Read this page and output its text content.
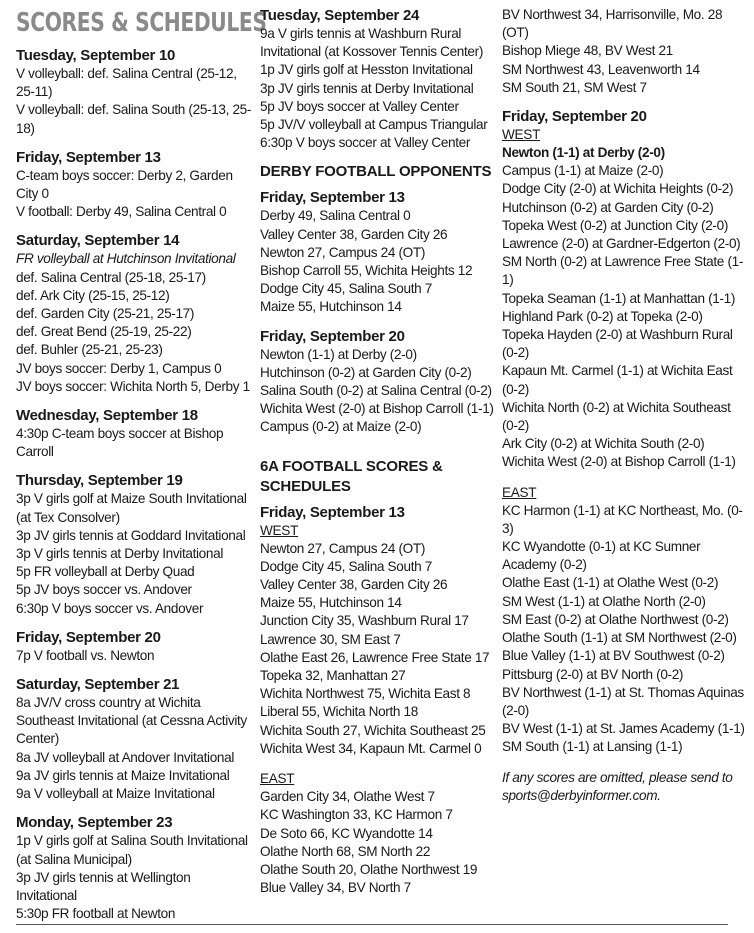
SCORES & SCHEDULES
Tuesday, September 10
V volleyball: def. Salina Central (25-12, 25-11)
V volleyball: def. Salina South (25-13, 25-18)
Friday, September 13
C-team boys soccer: Derby 2, Garden City 0
V football: Derby 49, Salina Central 0
Saturday, September 14
FR volleyball at Hutchinson Invitational
def. Salina Central (25-18, 25-17)
def. Ark City (25-15, 25-12)
def. Garden City (25-21, 25-17)
def. Great Bend (25-19, 25-22)
def. Buhler (25-21, 25-23)
JV boys soccer: Derby 1, Campus 0
JV boys soccer: Wichita North 5, Derby 1
Wednesday, September 18
4:30p C-team boys soccer at Bishop Carroll
Thursday, September 19
3p V girls golf at Maize South Invitational (at Tex Consolver)
3p JV girls tennis at Goddard Invitational
3p V girls tennis at Derby Invitational
5p FR volleyball at Derby Quad
5p JV boys soccer vs. Andover
6:30p V boys soccer vs. Andover
Friday, September 20
7p V football vs. Newton
Saturday, September 21
8a JV/V cross country at Wichita Southeast Invitational (at Cessna Activity Center)
8a JV volleyball at Andover Invitational
9a JV girls tennis at Maize Invitational
9a V volleyball at Maize Invitational
Monday, September 23
1p V girls golf at Salina South Invitational (at Salina Municipal)
3p JV girls tennis at Wellington Invitational
5:30p FR football at Newton
Tuesday, September 24
9a V girls tennis at Washburn Rural Invitational (at Kossover Tennis Center)
1p JV girls golf at Hesston Invitational
3p JV girls tennis at Derby Invitational
5p JV boys soccer at Valley Center
5p JV/V volleyball at Campus Triangular
6:30p V boys soccer at Valley Center
DERBY FOOTBALL OPPONENTS
Friday, September 13
Derby 49, Salina Central 0
Valley Center 38, Garden City 26
Newton 27, Campus 24 (OT)
Bishop Carroll 55, Wichita Heights 12
Dodge City 45, Salina South 7
Maize 55, Hutchinson 14
Friday, September 20
Newton (1-1) at Derby (2-0)
Hutchinson (0-2) at Garden City (0-2)
Salina South (0-2) at Salina Central (0-2)
Wichita West (2-0) at Bishop Carroll (1-1)
Campus (0-2) at Maize (2-0)
6A FOOTBALL SCORES & SCHEDULES
Friday, September 13
WEST
Newton 27, Campus 24 (OT)
Dodge City 45, Salina South 7
Valley Center 38, Garden City 26
Maize 55, Hutchinson 14
Junction City 35, Washburn Rural 17
Lawrence 30, SM East 7
Olathe East 26, Lawrence Free State 17
Topeka 32, Manhattan 27
Wichita Northwest 75, Wichita East 8
Liberal 55, Wichita North 18
Wichita South 27, Wichita Southeast 25
Wichita West 34, Kapaun Mt. Carmel 0
EAST
Garden City 34, Olathe West 7
KC Washington 33, KC Harmon 7
De Soto 66, KC Wyandotte 14
Olathe North 68, SM North 22
Olathe South 20, Olathe Northwest 19
Blue Valley 34, BV North 7
BV Northwest 34, Harrisonville, Mo. 28 (OT)
Bishop Miege 48, BV West 21
SM Northwest 43, Leavenworth 14
SM South 21, SM West 7
Friday, September 20
WEST
Newton (1-1) at Derby (2-0)
Campus (1-1) at Maize (2-0)
Dodge City (2-0) at Wichita Heights (0-2)
Hutchinson (0-2) at Garden City (0-2)
Topeka West (0-2) at Junction City (2-0)
Lawrence (2-0) at Gardner-Edgerton (2-0)
SM North (0-2) at Lawrence Free State (1-1)
Topeka Seaman (1-1) at Manhattan (1-1)
Highland Park (0-2) at Topeka (2-0)
Topeka Hayden (2-0) at Washburn Rural (0-2)
Kapaun Mt. Carmel (1-1) at Wichita East (0-2)
Wichita North (0-2) at Wichita Southeast (0-2)
Ark City (0-2) at Wichita South (2-0)
Wichita West (2-0) at Bishop Carroll (1-1)
EAST
KC Harmon (1-1) at KC Northeast, Mo. (0-3)
KC Wyandotte (0-1) at KC Sumner Academy (0-2)
Olathe East (1-1) at Olathe West (0-2)
SM West (1-1) at Olathe North (2-0)
SM East (0-2) at Olathe Northwest (0-2)
Olathe South (1-1) at SM Northwest (2-0)
Blue Valley (1-1) at BV Southwest (0-2)
Pittsburg (2-0) at BV North (0-2)
BV Northwest (1-1) at St. Thomas Aquinas (2-0)
BV West (1-1) at St. James Academy (1-1)
SM South (1-1) at Lansing (1-1)
If any scores are omitted, please send to sports@derbyinformer.com.
